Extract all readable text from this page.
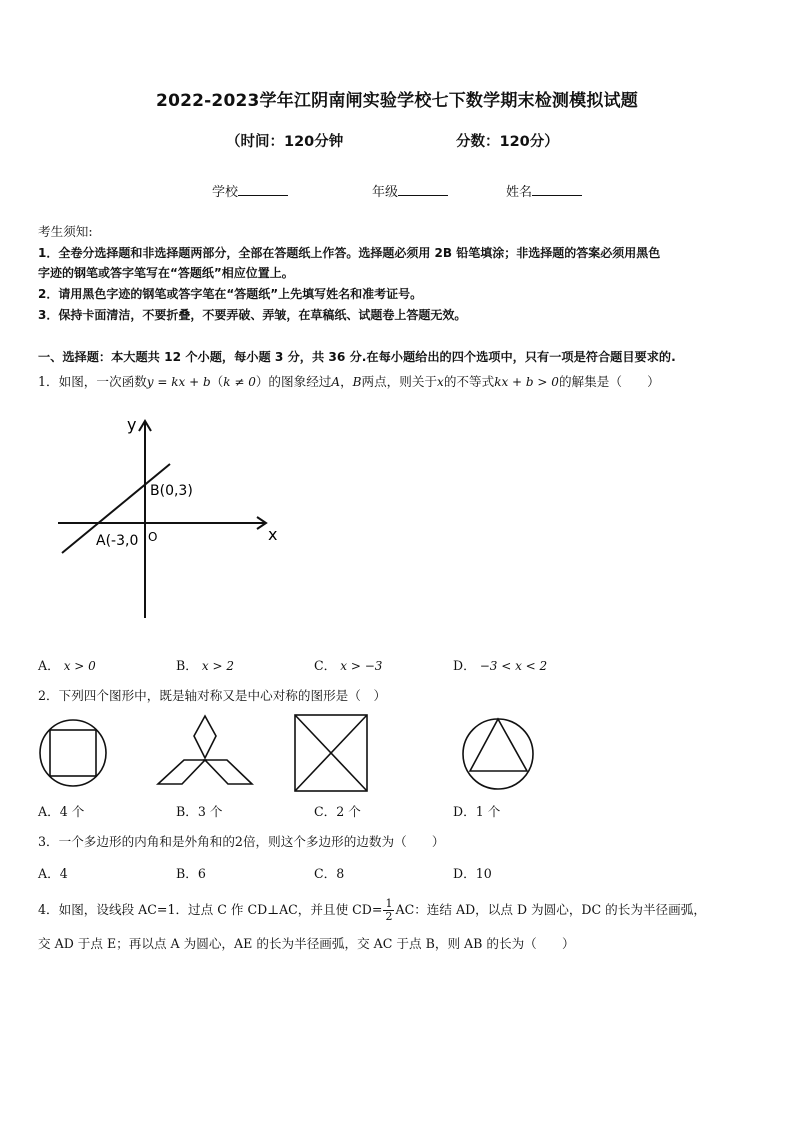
2022-2023学年江阴南闸实验学校七下数学期末检测模拟试题
（时间：120分钟	分数：120分）
学校	年级	姓名
考生须知:
1．全卷分选择题和非选择题两部分，全部在答题纸上作答。选择题必须用 2B 铅笔填涂；非选择题的答案必须用黑色
字迹的钢笔或答字笔写在“答题纸”相应位置上。
2．请用黑色字迹的钢笔或答字笔在“答题纸”上先填写姓名和准考证号。
3．保持卡面清洁，不要折叠，不要弄破、弄皱，在草稿纸、试题卷上答题无效。
一、选择题：本大题共 12 个小题，每小题 3 分，共 36 分.在每小题给出的四个选项中，只有一项是符合题目要求的.
1．如图，一次函数y = kx + b（k ≠ 0）的图象经过A，B两点，则关于x的不等式kx + b > 0的解集是（　　）
y
x
O
A(-3,0
B(0,3)
A． x > 0	B． x > 2	C． x > −3	D． −3 < x < 2
2．下列四个图形中，既是轴对称又是中心对称的图形是（　）
A．4 个	B．3 个	C．2 个	D．1 个
3．一个多边形的内角和是外角和的2倍，则这个多边形的边数为（　　）
A．4	B．6	C．8	D．10
4．如图，设线段 AC=1．过点 C 作 CD⊥AC，并且使 $CD= \frac{1}{2}$ AC：连结 AD，以点 D 为圆心，DC 的长为半径画弧，
交 AD 于点 E；再以点 A 为圆心，AE 的长为半径画弧，交 AC 于点 B，则 AB 的长为（　　）
